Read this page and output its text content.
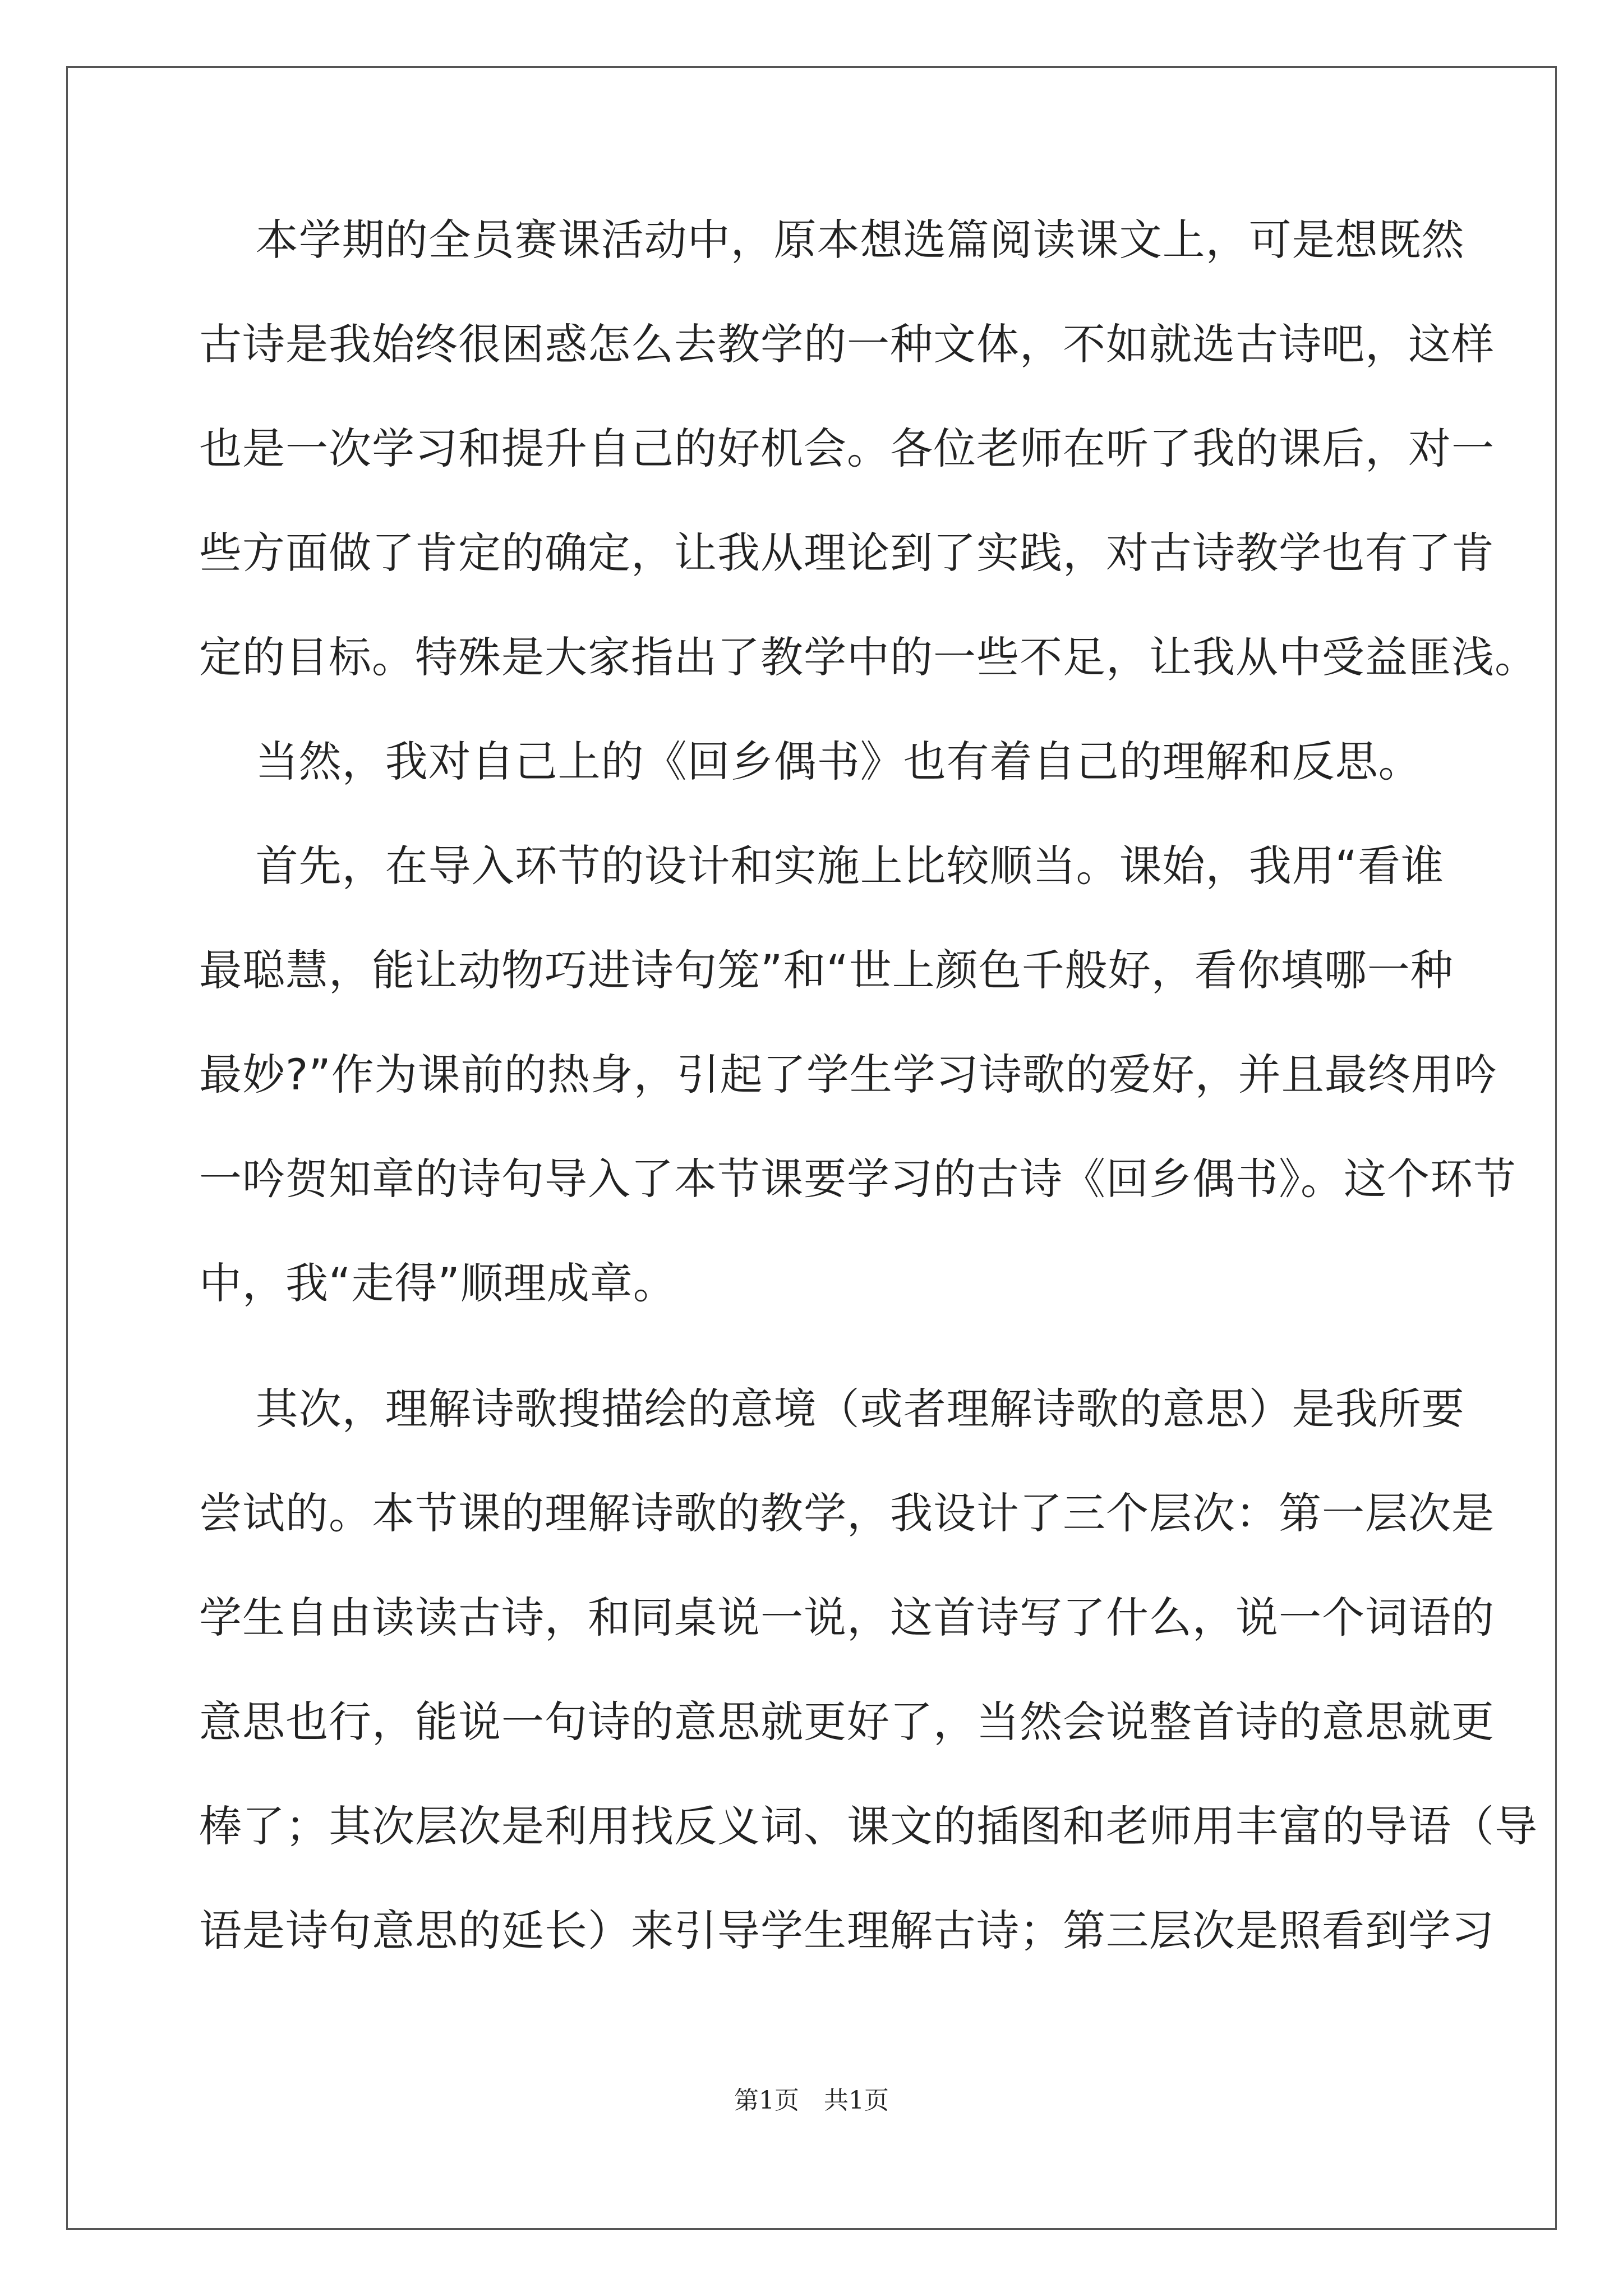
本学期的全员赛课活动中，原本想选篇阅读课文上，可是想既然
古诗是我始终很困惑怎么去教学的一种文体，不如就选古诗吧，这样
也是一次学习和提升自己的好机会。各位老师在听了我的课后，对一
些方面做了肯定的确定，让我从理论到了实践，对古诗教学也有了肯
定的目标。特殊是大家指出了教学中的一些不足，让我从中受益匪浅。
当然，我对自己上的《回乡偶书》也有着自己的理解和反思。
首先，在导入环节的设计和实施上比较顺当。课始，我用“看谁
最聪慧，能让动物巧进诗句笼”和“世上颜色千般好，看你填哪一种
最妙?”作为课前的热身，引起了学生学习诗歌的爱好，并且最终用吟
一吟贺知章的诗句导入了本节课要学习的古诗《回乡偶书》。这个环节
中，我“走得”顺理成章。
其次，理解诗歌搜描绘的意境（或者理解诗歌的意思）是我所要
尝试的。本节课的理解诗歌的教学，我设计了三个层次：第一层次是
学生自由读读古诗，和同桌说一说，这首诗写了什么，说一个词语的
意思也行，能说一句诗的意思就更好了，当然会说整首诗的意思就更
棒了；其次层次是利用找反义词、课文的插图和老师用丰富的导语（导
语是诗句意思的延长）来引导学生理解古诗；第三层次是照看到学习
第1页　共1页
